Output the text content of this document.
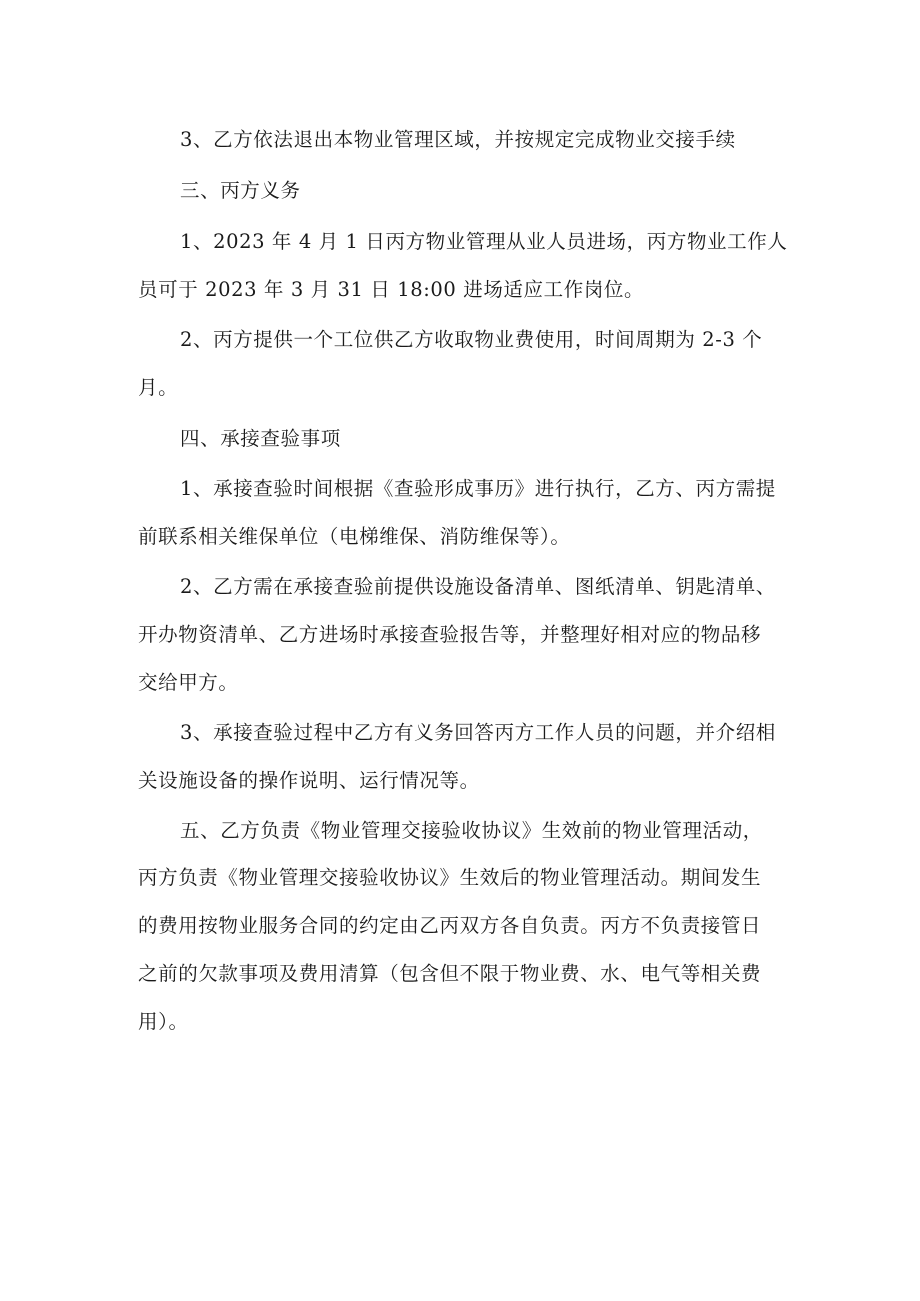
3、乙方依法退出本物业管理区域，并按规定完成物业交接手续
三、丙方义务
1、2023 年 4 月 1 日丙方物业管理从业人员进场，丙方物业工作人
员可于 2023 年 3 月 31 日 18:00 进场适应工作岗位。
2、丙方提供一个工位供乙方收取物业费使用，时间周期为 2-3 个
月。
四、承接查验事项
1、承接查验时间根据《查验形成事历》进行执行，乙方、丙方需提
前联系相关维保单位（电梯维保、消防维保等）。
2、乙方需在承接查验前提供设施设备清单、图纸清单、钥匙清单、
开办物资清单、乙方进场时承接查验报告等，并整理好相对应的物品移
交给甲方。
3、承接查验过程中乙方有义务回答丙方工作人员的问题，并介绍相
关设施设备的操作说明、运行情况等。
五、乙方负责《物业管理交接验收协议》生效前的物业管理活动，
丙方负责《物业管理交接验收协议》生效后的物业管理活动。期间发生
的费用按物业服务合同的约定由乙丙双方各自负责。丙方不负责接管日
之前的欠款事项及费用清算（包含但不限于物业费、水、电气等相关费
用）。
